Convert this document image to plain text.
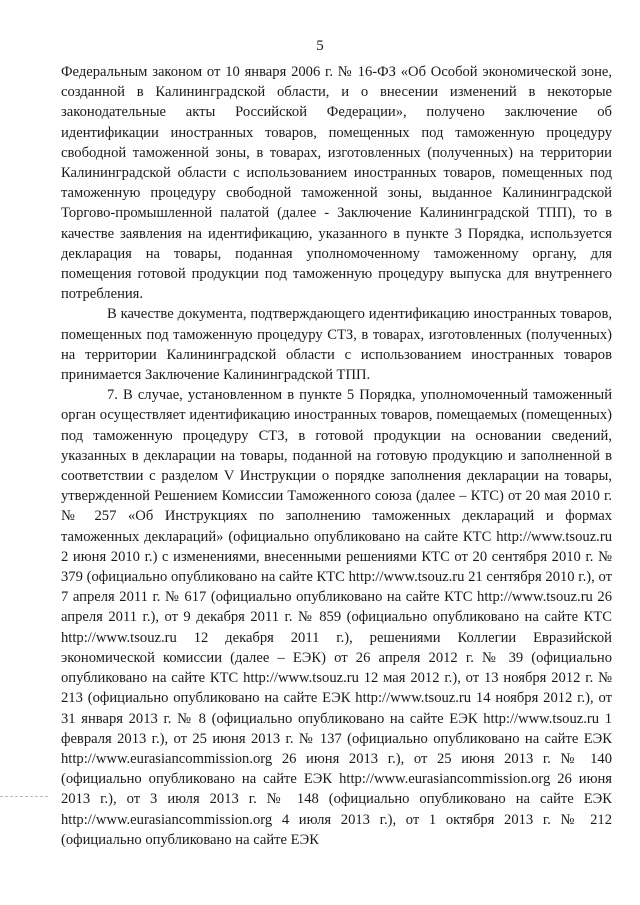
5

Федеральным законом от 10 января 2006 г. № 16-ФЗ «Об Особой экономической зоне, созданной в Калининградской области, и о внесении изменений в некоторые законодательные акты Российской Федерации», получено заключение об идентификации иностранных товаров, помещенных под таможенную процедуру свободной таможенной зоны, в товарах, изготовленных (полученных) на территории Калининградской области с использованием иностранных товаров, помещенных под таможенную процедуру свободной таможенной зоны, выданное Калининградской Торгово-промышленной палатой (далее - Заключение Калининградской ТПП), то в качестве заявления на идентификацию, указанного в пункте 3 Порядка, используется декларация на товары, поданная уполномоченному таможенному органу, для помещения готовой продукции под таможенную процедуру выпуска для внутреннего потребления.

В качестве документа, подтверждающего идентификацию иностранных товаров, помещенных под таможенную процедуру СТЗ, в товарах, изготовленных (полученных) на территории Калининградской области с использованием иностранных товаров принимается Заключение Калининградской ТПП.

7. В случае, установленном в пункте 5 Порядка, уполномоченный таможенный орган осуществляет идентификацию иностранных товаров, помещаемых (помещенных) под таможенную процедуру СТЗ, в готовой продукции на основании сведений, указанных в декларации на товары, поданной на готовую продукцию и заполненной в соответствии с разделом V Инструкции о порядке заполнения декларации на товары, утвержденной Решением Комиссии Таможенного союза (далее – КТС) от 20 мая 2010 г. № 257 «Об Инструкциях по заполнению таможенных деклараций и формах таможенных деклараций» (официально опубликовано на сайте КТС http://www.tsouz.ru 2 июня 2010 г.) с изменениями, внесенными решениями КТС от 20 сентября 2010 г. № 379 (официально опубликовано на сайте КТС http://www.tsouz.ru 21 сентября 2010 г.), от 7 апреля 2011 г. № 617 (официально опубликовано на сайте КТС http://www.tsouz.ru 26 апреля 2011 г.), от 9 декабря 2011 г. № 859 (официально опубликовано на сайте КТС http://www.tsouz.ru 12 декабря 2011 г.), решениями Коллегии Евразийской экономической комиссии (далее – ЕЭК) от 26 апреля 2012 г. № 39 (официально опубликовано на сайте КТС http://www.tsouz.ru 12 мая 2012 г.), от 13 ноября 2012 г. № 213 (официально опубликовано на сайте ЕЭК http://www.tsouz.ru 14 ноября 2012 г.), от 31 января 2013 г. № 8 (официально опубликовано на сайте ЕЭК http://www.tsouz.ru 1 февраля 2013 г.), от 25 июня 2013 г. № 137 (официально опубликовано на сайте ЕЭК http://www.eurasiancommission.org 26 июня 2013 г.), от 25 июня 2013 г. № 140 (официально опубликовано на сайте ЕЭК http://www.eurasiancommission.org 26 июня 2013 г.), от 3 июля 2013 г. № 148 (официально опубликовано на сайте ЕЭК http://www.eurasiancommission.org 4 июля 2013 г.), от 1 октября 2013 г. № 212 (официально опубликовано на сайте ЕЭК
